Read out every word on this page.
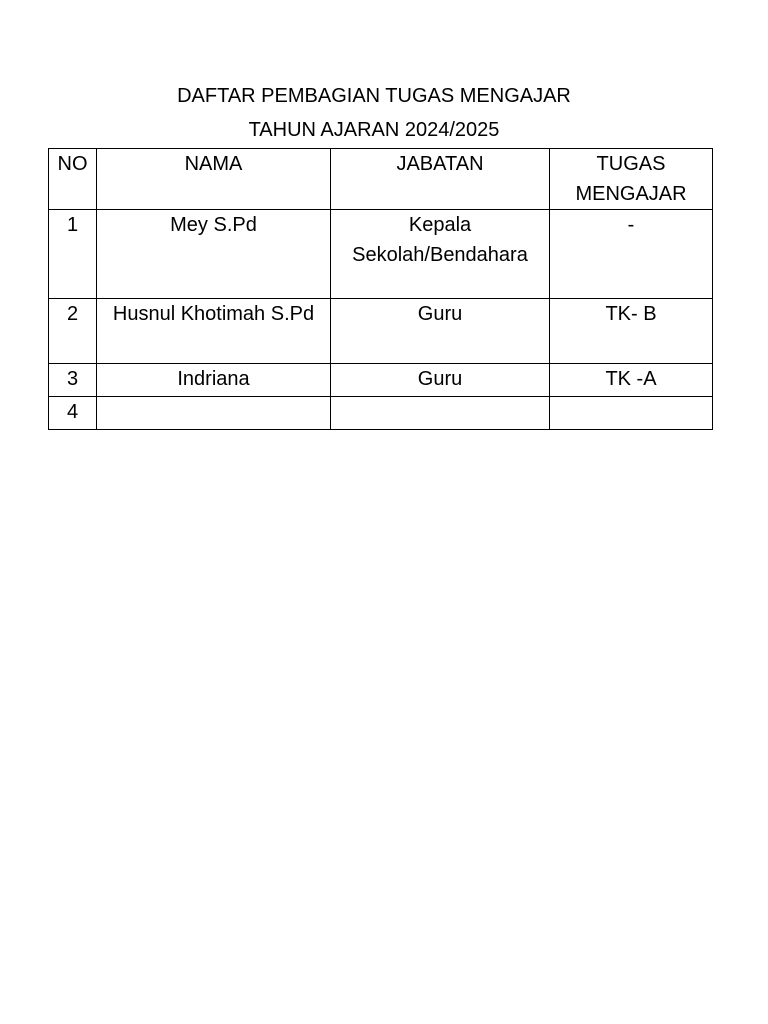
DAFTAR PEMBAGIAN TUGAS MENGAJAR
TAHUN AJARAN 2024/2025
NO	NAMA	JABATAN	TUGAS MENGAJAR
1	Mey S.Pd	Kepala Sekolah/Bendahara	-
2	Husnul Khotimah S.Pd	Guru	TK- B
3	Indriana	Guru	TK -A
4			
